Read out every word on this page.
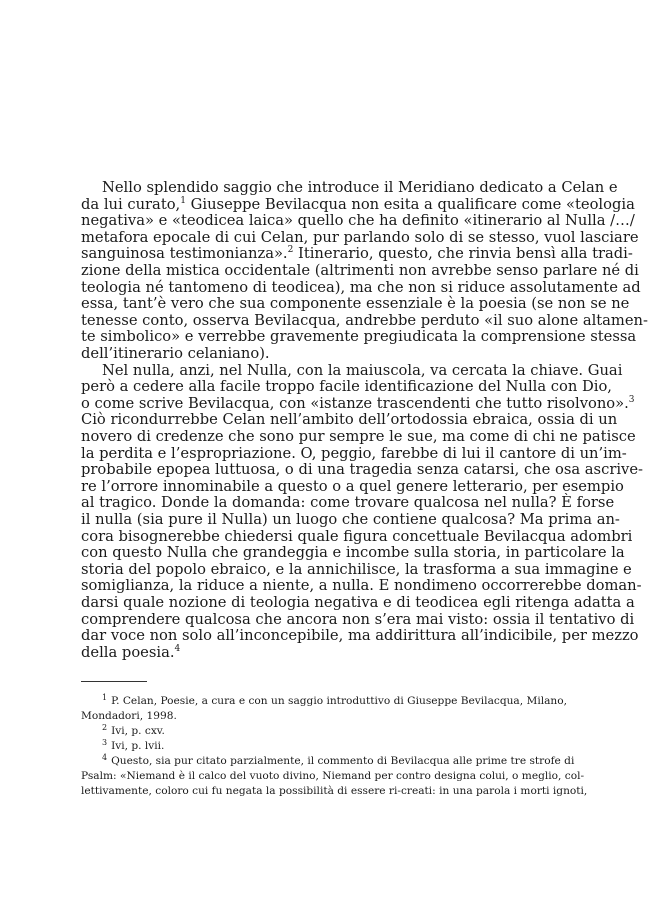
Nello splendido saggio che introduce il Meridiano dedicato a Celan e
da lui curato,$^1$ Giuseppe Bevilacqua non esita a qualificare come «teologia
negativa» e «teodicea laica» quello che ha definito «itinerario al Nulla /…/
metafora epocale di cui Celan, pur parlando solo di se stesso, vuol lasciare
sanguinosa testimonianza».$^2$ Itinerario, questo, che rinvia bensì alla tradi-
zione della mistica occidentale (altrimenti non avrebbe senso parlare né di
teologia né tantomeno di teodicea), ma che non si riduce assolutamente ad
essa, tant’è vero che sua componente essenziale è la poesia (se non se ne
tenesse conto, osserva Bevilacqua, andrebbe perduto «il suo alone altamen-
te simbolico» e verrebbe gravemente pregiudicata la comprensione stessa
dell’itinerario celaniano).
Nel nulla, anzi, nel Nulla, con la maiuscola, va cercata la chiave. Guai
però a cedere alla facile troppo facile identificazione del Nulla con Dio,
o come scrive Bevilacqua, con «istanze trascendenti che tutto risolvono».$^3$
Ciò ricondurrebbe Celan nell’ambito dell’ortodossia ebraica, ossia di un
novero di credenze che sono pur sempre le sue, ma come di chi ne patisce
la perdita e l’espropriazione. O, peggio, farebbe di lui il cantore di un’im-
probabile epopea luttuosa, o di una tragedia senza catarsi, che osa ascrive-
re l’orrore innominabile a questo o a quel genere letterario, per esempio
al tragico. Donde la domanda: come trovare qualcosa nel nulla? È forse
il nulla (sia pure il Nulla) un luogo che contiene qualcosa? Ma prima an-
cora bisognerebbe chiedersi quale figura concettuale Bevilacqua adombri
con questo Nulla che grandeggia e incombe sulla storia, in particolare la
storia del popolo ebraico, e la annichilisce, la trasforma a sua immagine e
somiglianza, la riduce a niente, a nulla. E nondimeno occorrerebbe doman-
darsi quale nozione di teologia negativa e di teodicea egli ritenga adatta a
comprendere qualcosa che ancora non s’era mai visto: ossia il tentativo di
dar voce non solo all’inconcepibile, ma addirittura all’indicibile, per mezzo
della poesia.$^4$
$^1$ P. Celan, Poesie, a cura e con un saggio introduttivo di Giuseppe Bevilacqua, Milano,
Mondadori, 1998.
$^2$ Ivi, p. cxv.
$^3$ Ivi, p. lvii.
$^4$ Questo, sia pur citato parzialmente, il commento di Bevilacqua alle prime tre strofe di
Psalm: «Niemand è il calco del vuoto divino, Niemand per contro designa colui, o meglio, col-
lettivamente, coloro cui fu negata la possibilità di essere ri-creati: in una parola i morti ignoti,
